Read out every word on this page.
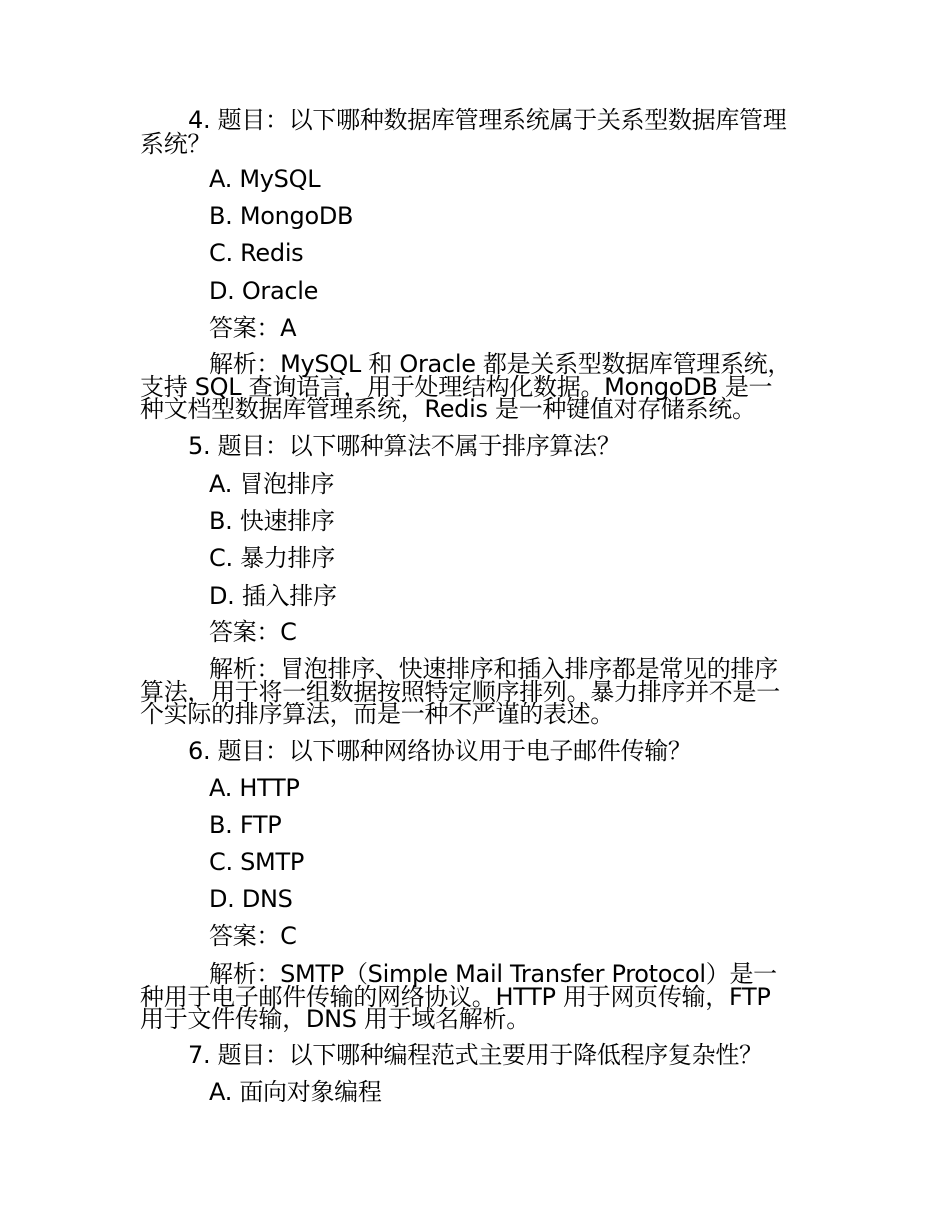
4. 题目：以下哪种数据库管理系统属于关系型数据库管理
系统？
A. MySQL
B. MongoDB
C. Redis
D. Oracle
答案：A
解析：MySQL 和 Oracle 都是关系型数据库管理系统，
支持 SQL 查询语言，用于处理结构化数据。MongoDB 是一
种文档型数据库管理系统，Redis 是一种键值对存储系统。
5. 题目：以下哪种算法不属于排序算法？
A. 冒泡排序
B. 快速排序
C. 暴力排序
D. 插入排序
答案：C
解析：冒泡排序、快速排序和插入排序都是常见的排序
算法，用于将一组数据按照特定顺序排列。暴力排序并不是一
个实际的排序算法，而是一种不严谨的表述。
6. 题目：以下哪种网络协议用于电子邮件传输？
A. HTTP
B. FTP
C. SMTP
D. DNS
答案：C
解析：SMTP（Simple Mail Transfer Protocol）是一
种用于电子邮件传输的网络协议。HTTP 用于网页传输，FTP
用于文件传输，DNS 用于域名解析。
7. 题目：以下哪种编程范式主要用于降低程序复杂性？
A. 面向对象编程
